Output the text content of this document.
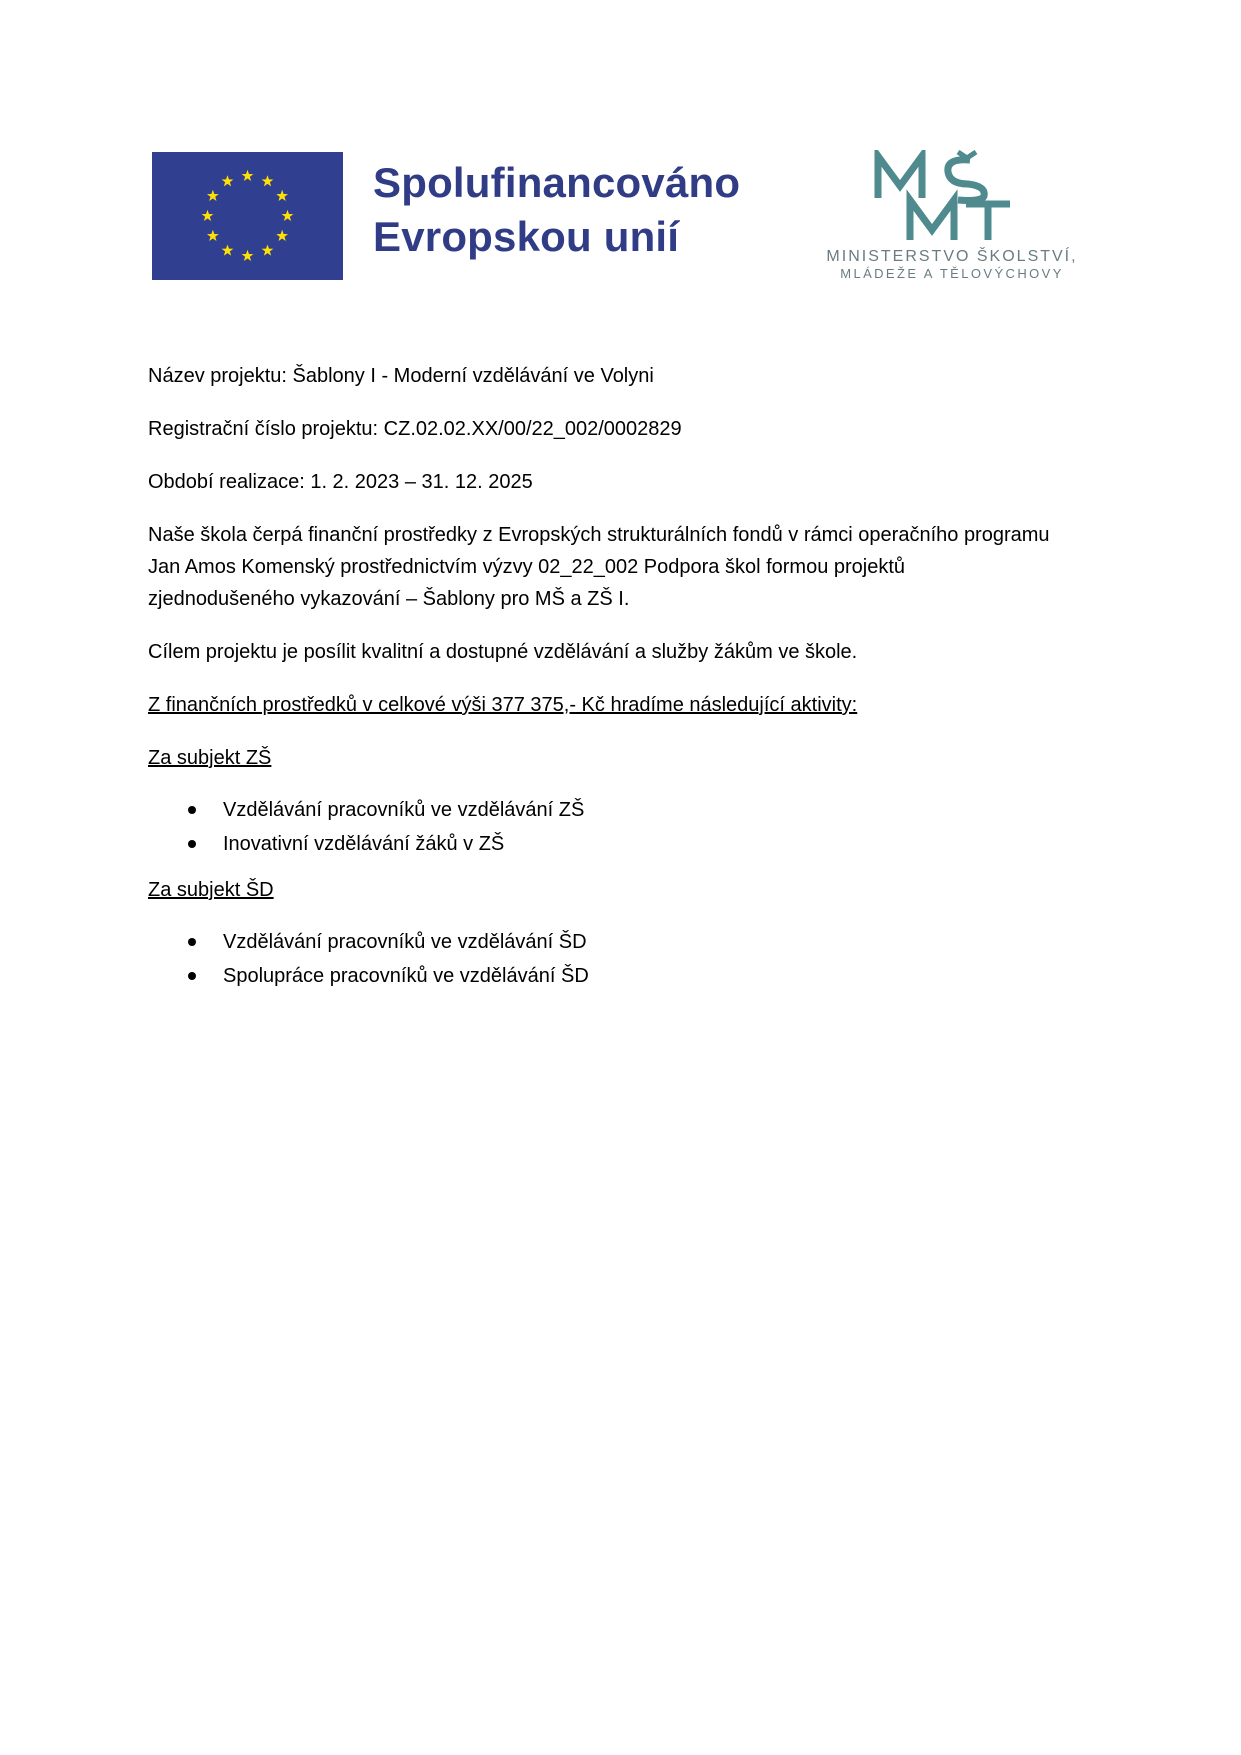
Spolufinancováno
Evropskou unií	MINISTERSTVO ŠKOLSTVÍ,
MLÁDEŽE A TĚLOVÝCHOVY

Název projektu: Šablony I - Moderní vzdělávání ve Volyni

Registrační číslo projektu: CZ.02.02.XX/00/22_002/0002829

Období realizace: 1. 2. 2023 – 31. 12. 2025

Naše škola čerpá finanční prostředky z Evropských strukturálních fondů v rámci operačního programu

Jan Amos Komenský prostřednictvím výzvy 02_22_002 Podpora škol formou projektů

zjednodušeného vykazování – Šablony pro MŠ a ZŠ I.

Cílem projektu je posílit kvalitní a dostupné vzdělávání a služby žákům ve škole.

Z finančních prostředků v celkové výši 377 375,- Kč hradíme následující aktivity:

Za subjekt ZŠ

Vzdělávání pracovníků ve vzdělávání ZŠ
Inovativní vzdělávání žáků v ZŠ

Za subjekt ŠD

Vzdělávání pracovníků ve vzdělávání ŠD
Spolupráce pracovníků ve vzdělávání ŠD
